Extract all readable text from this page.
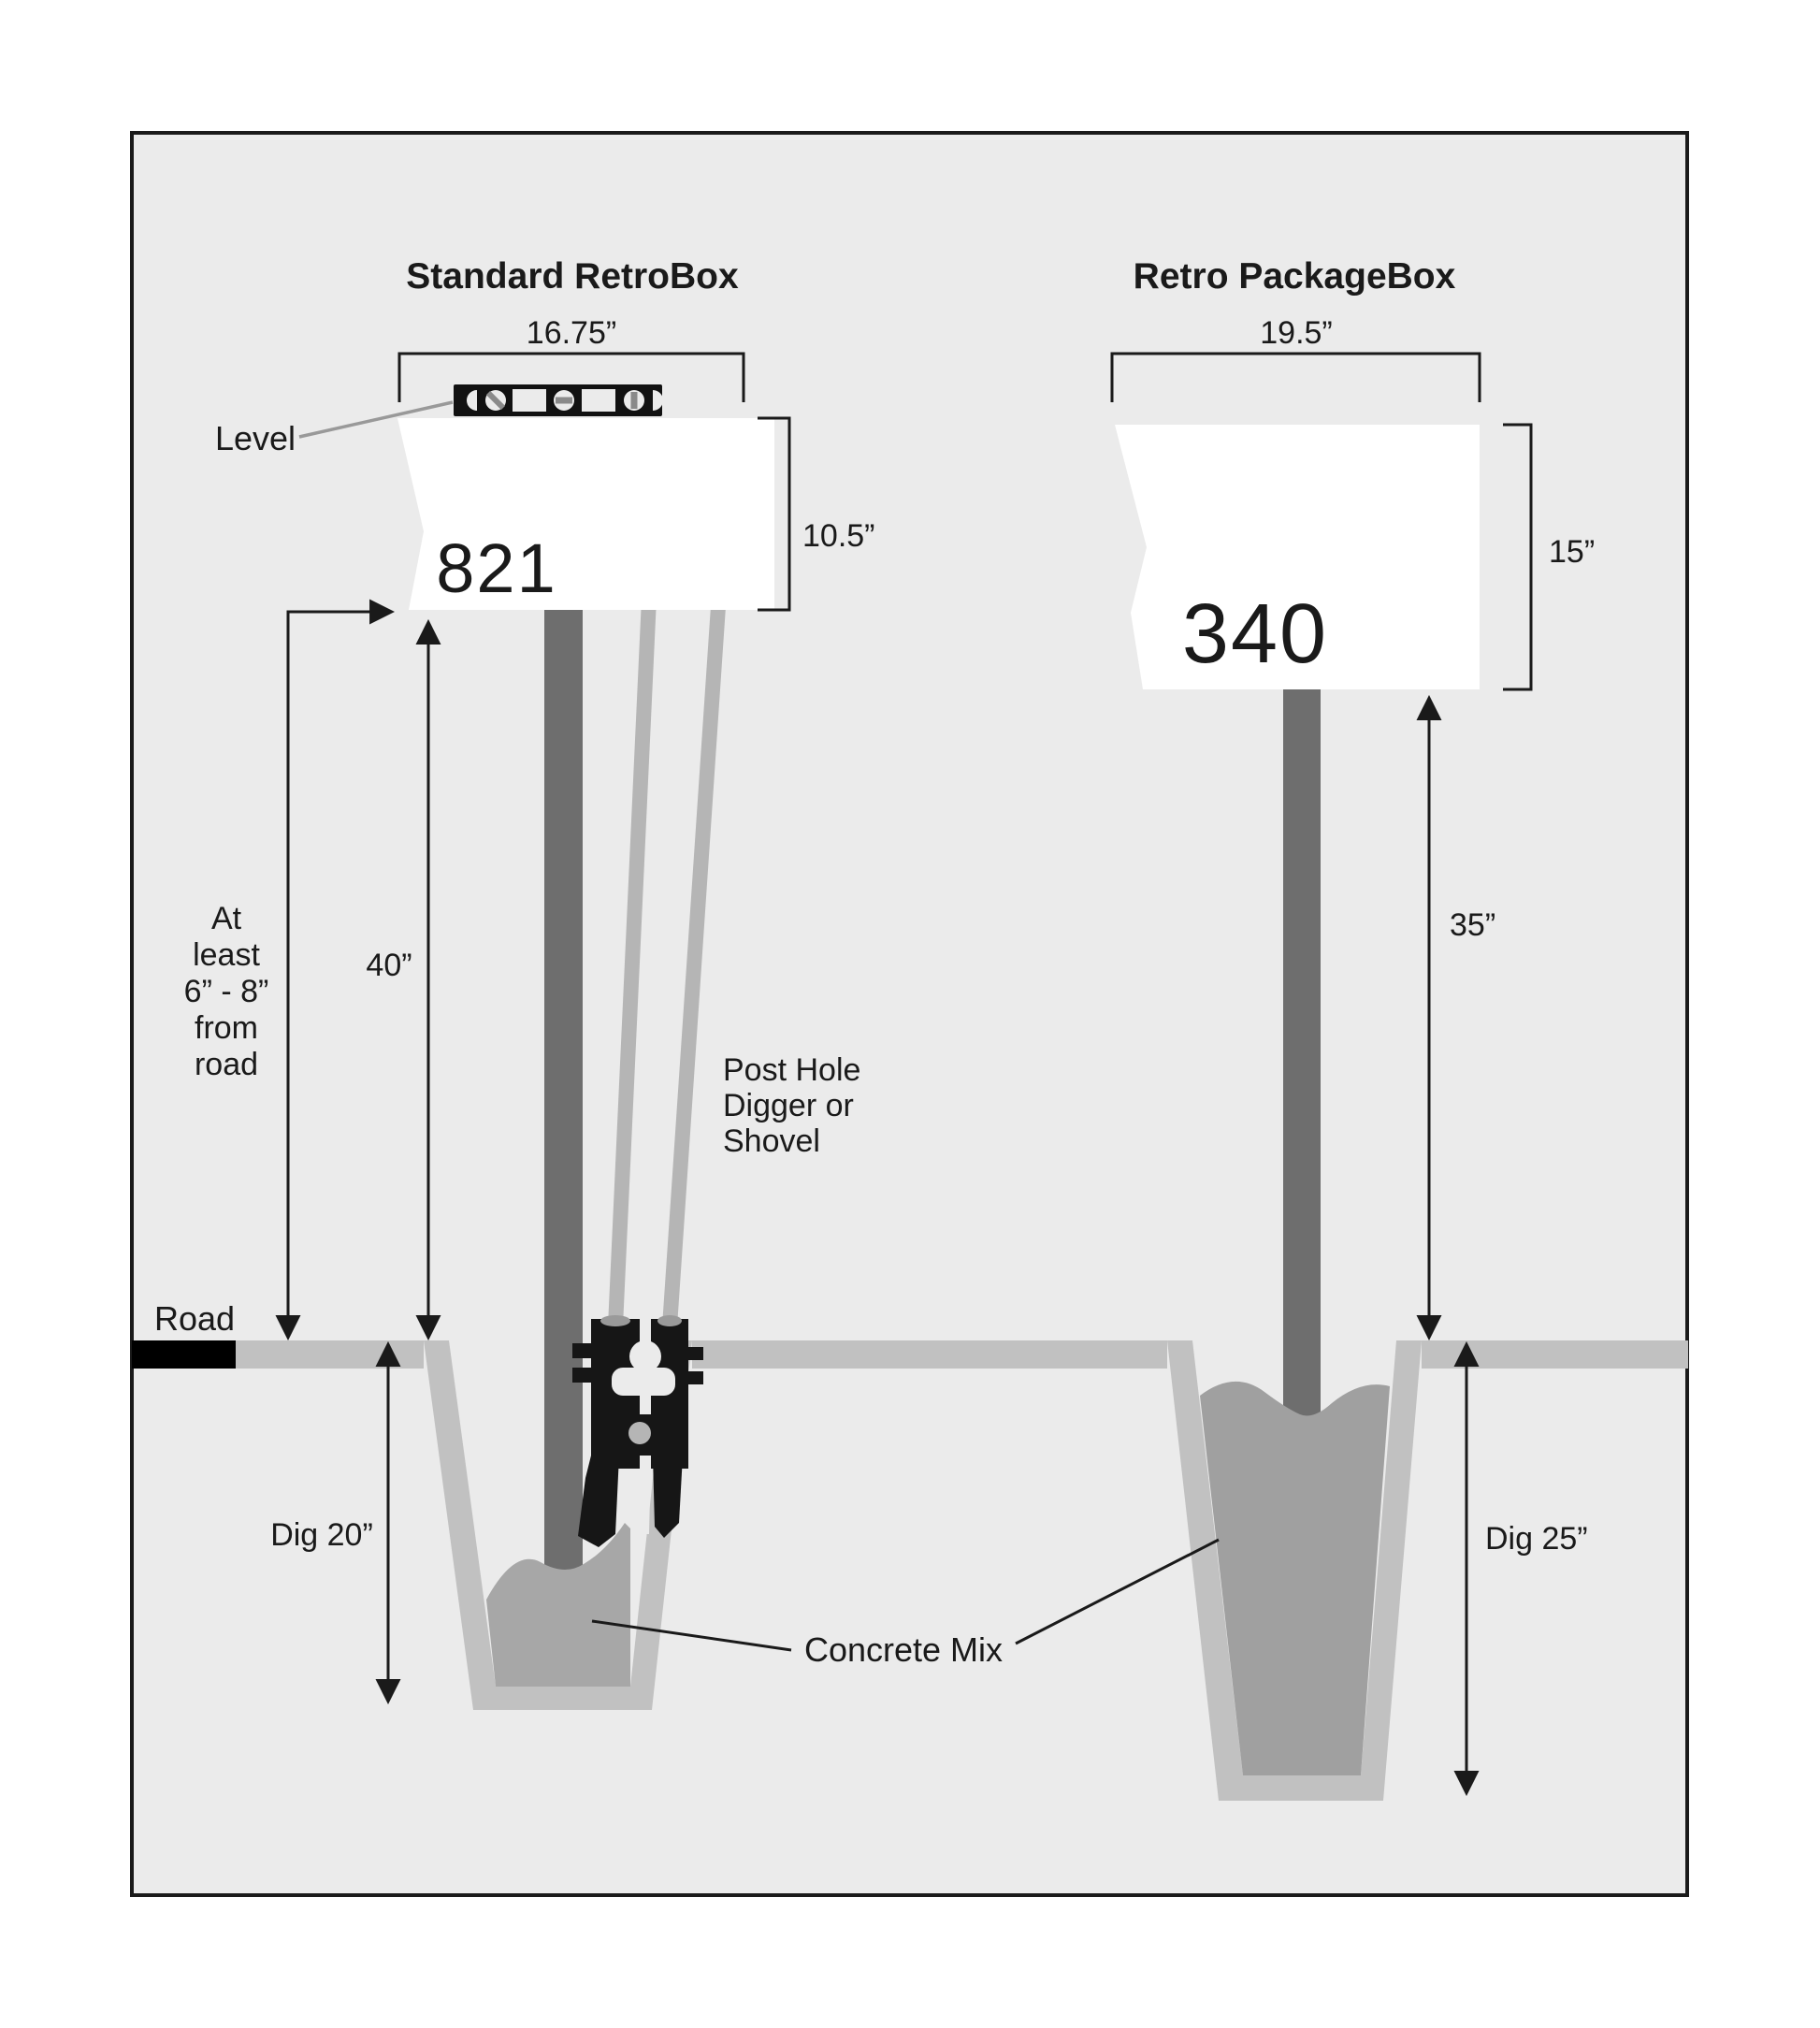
821
Level
Standard RetroBox
16.75”
10.5”
40”
At
least
6” - 8”
from
road
Road
Dig 20”
Post Hole
Digger or
Shovel
Concrete Mix
340
Retro PackageBox
19.5”
15”
35”
Dig 25”
